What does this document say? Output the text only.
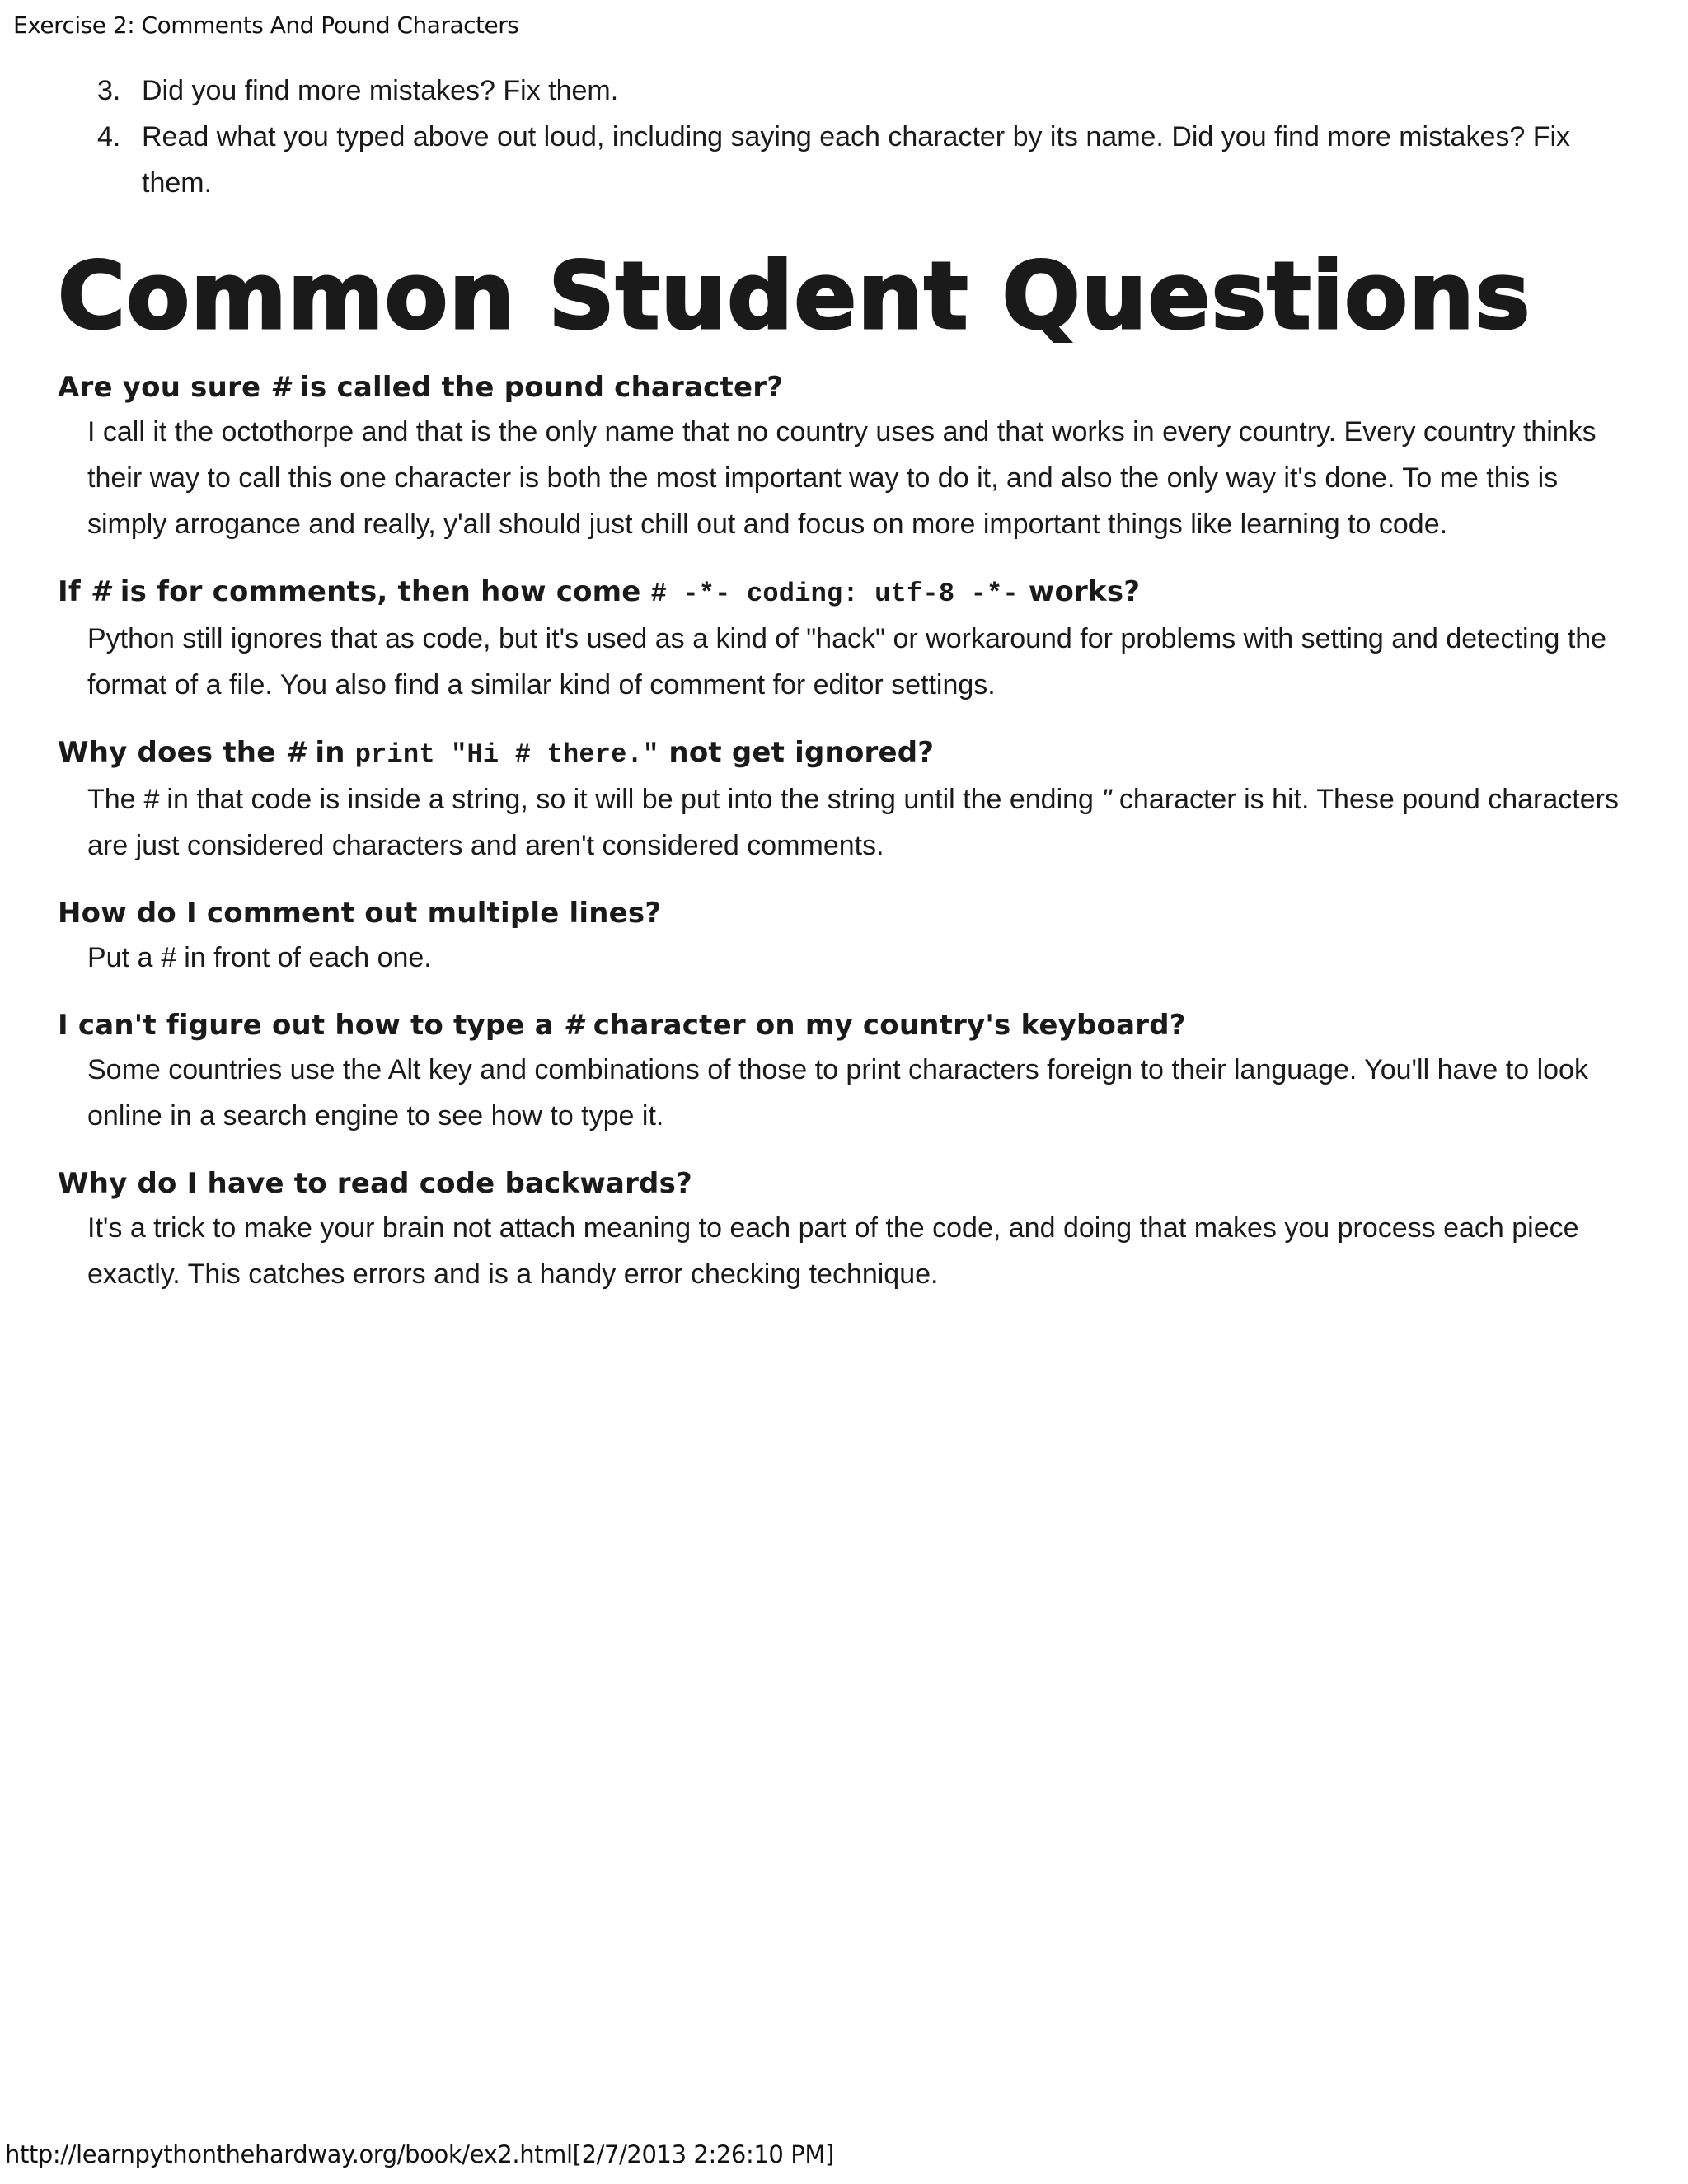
Exercise 2: Comments And Pound Characters
3. Did you find more mistakes? Fix them.
4. Read what you typed above out loud, including saying each character by its name. Did you find more mistakes? Fix them.
Common Student Questions
Are you sure # is called the pound character?
I call it the octothorpe and that is the only name that no country uses and that works in every country. Every country thinks their way to call this one character is both the most important way to do it, and also the only way it's done. To me this is simply arrogance and really, y'all should just chill out and focus on more important things like learning to code.
If # is for comments, then how come # -*- coding: utf-8 -*- works?
Python still ignores that as code, but it's used as a kind of "hack" or workaround for problems with setting and detecting the format of a file. You also find a similar kind of comment for editor settings.
Why does the # in print "Hi # there." not get ignored?
The # in that code is inside a string, so it will be put into the string until the ending " character is hit. These pound characters are just considered characters and aren't considered comments.
How do I comment out multiple lines?
Put a # in front of each one.
I can't figure out how to type a # character on my country's keyboard?
Some countries use the Alt key and combinations of those to print characters foreign to their language. You'll have to look online in a search engine to see how to type it.
Why do I have to read code backwards?
It's a trick to make your brain not attach meaning to each part of the code, and doing that makes you process each piece exactly. This catches errors and is a handy error checking technique.
http://learnpythonthehardway.org/book/ex2.html[2/7/2013 2:26:10 PM]
